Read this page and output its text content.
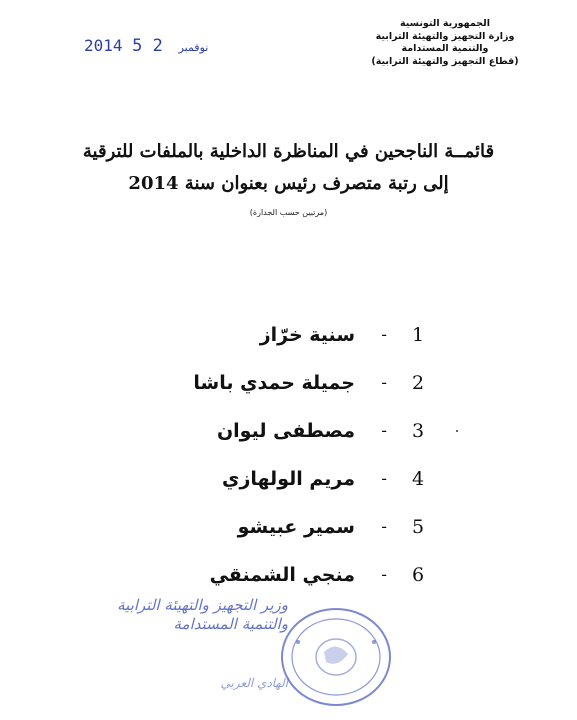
الجمهورية التونسية
وزارة التجهيز والتهيئة الترابية
والتنمية المستدامة
(قطاع التجهيز والتهيئة الترابية)
2014	نوفمبر 2 5
قائمــة الناجحين في المناظرة الداخلية بالملفات للترقية
إلى رتبة متصرف رئيس بعنوان سنة 2014
(مرتبين حسب الجدارة)
1
-
سنية خرّاز
2
-
جميلة حمدي باشا
3
-
مصطفى ليوان
4
-
مريم الولهازي
5
-
سمير عبيشو
6
-
منجي الشمنقي
وزير التجهيز والتهيئة الترابية
والتنمية المستدامة
الهادي العربي
